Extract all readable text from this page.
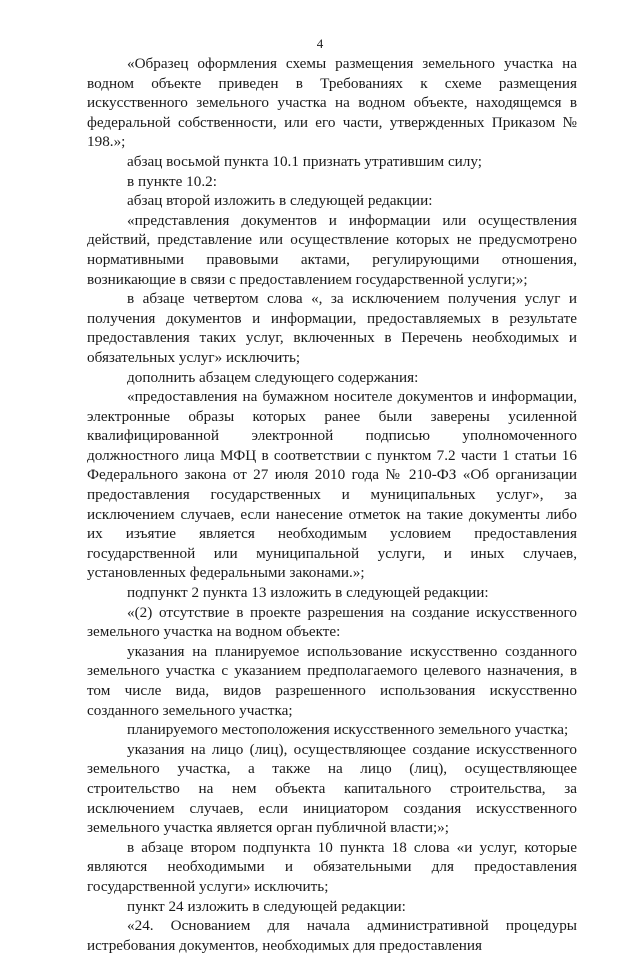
4

«Образец оформления схемы размещения земельного участка на водном объекте приведен в Требованиях к схеме размещения искусственного земельного участка на водном объекте, находящемся в федеральной собственности, или его части, утвержденных Приказом № 198.»;

абзац восьмой пункта 10.1 признать утратившим силу;

в пункте 10.2:

абзац второй изложить в следующей редакции:

«представления документов и информации или осуществления действий, представление или осуществление которых не предусмотрено нормативными правовыми актами, регулирующими отношения, возникающие в связи с предоставлением государственной услуги;»;

в абзаце четвертом слова «, за исключением получения услуг и получения документов и информации, предоставляемых в результате предоставления таких услуг, включенных в Перечень необходимых и обязательных услуг» исключить;

дополнить абзацем следующего содержания:

«предоставления на бумажном носителе документов и информации, электронные образы которых ранее были заверены усиленной квалифицированной электронной подписью уполномоченного должностного лица МФЦ в соответствии с пунктом 7.2 части 1 статьи 16 Федерального закона от 27 июля 2010 года № 210-ФЗ «Об организации предоставления государственных и муниципальных услуг», за исключением случаев, если нанесение отметок на такие документы либо их изъятие является необходимым условием предоставления государственной или муниципальной услуги, и иных случаев, установленных федеральными законами.»;

подпункт 2 пункта 13 изложить в следующей редакции:

«(2) отсутствие в проекте разрешения на создание искусственного земельного участка на водном объекте:

указания на планируемое использование искусственно созданного земельного участка с указанием предполагаемого целевого назначения, в том числе вида, видов разрешенного использования искусственно созданного земельного участка;

планируемого местоположения искусственного земельного участка;

указания на лицо (лиц), осуществляющее создание искусственного земельного участка, а также на лицо (лиц), осуществляющее строительство на нем объекта капитального строительства, за исключением случаев, если инициатором создания искусственного земельного участка является орган публичной власти;»;

в абзаце втором подпункта 10 пункта 18 слова «и услуг, которые являются необходимыми и обязательными для предоставления государственной услуги» исключить;

пункт 24 изложить в следующей редакции:

«24. Основанием для начала административной процедуры истребования документов, необходимых для предоставления
